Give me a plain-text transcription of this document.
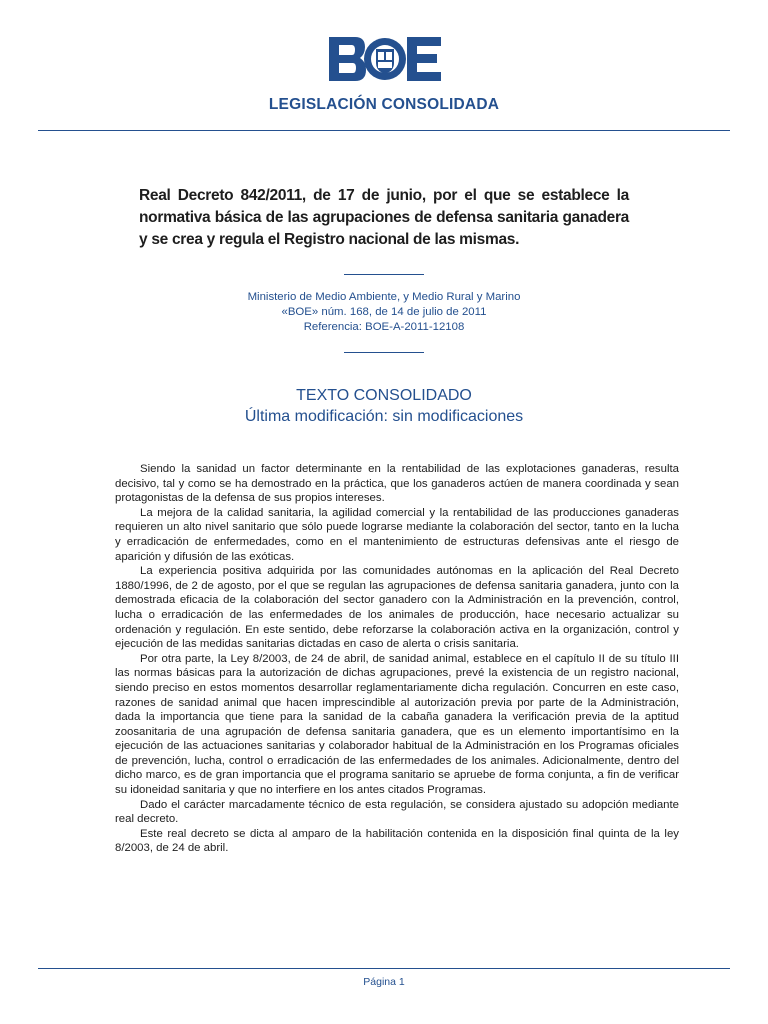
LEGISLACIÓN CONSOLIDADA
Real Decreto 842/2011, de 17 de junio, por el que se establece la normativa básica de las agrupaciones de defensa sanitaria ganadera y se crea y regula el Registro nacional de las mismas.
Ministerio de Medio Ambiente, y Medio Rural y Marino
«BOE» núm. 168, de 14 de julio de 2011
Referencia: BOE-A-2011-12108
TEXTO CONSOLIDADO
Última modificación: sin modificaciones

Siendo la sanidad un factor determinante en la rentabilidad de las explotaciones ganaderas, resulta decisivo, tal y como se ha demostrado en la práctica, que los ganaderos actúen de manera coordinada y sean protagonistas de la defensa de sus propios intereses.

La mejora de la calidad sanitaria, la agilidad comercial y la rentabilidad de las producciones ganaderas requieren un alto nivel sanitario que sólo puede lograrse mediante la colaboración del sector, tanto en la lucha y erradicación de enfermedades, como en el mantenimiento de estructuras defensivas ante el riesgo de aparición y difusión de las exóticas.

La experiencia positiva adquirida por las comunidades autónomas en la aplicación del Real Decreto 1880/1996, de 2 de agosto, por el que se regulan las agrupaciones de defensa sanitaria ganadera, junto con la demostrada eficacia de la colaboración del sector ganadero con la Administración en la prevención, control, lucha o erradicación de las enfermedades de los animales de producción, hace necesario actualizar su ordenación y regulación. En este sentido, debe reforzarse la colaboración activa en la organización, control y ejecución de las medidas sanitarias dictadas en caso de alerta o crisis sanitaria.

Por otra parte, la Ley 8/2003, de 24 de abril, de sanidad animal, establece en el capítulo II de su título III las normas básicas para la autorización de dichas agrupaciones, prevé la existencia de un registro nacional, siendo preciso en estos momentos desarrollar reglamentariamente dicha regulación. Concurren en este caso, razones de sanidad animal que hacen imprescindible al autorización previa por parte de la Administración, dada la importancia que tiene para la sanidad de la cabaña ganadera la verificación previa de la aptitud zoosanitaria de una agrupación de defensa sanitaria ganadera, que es un elemento importantísimo en la ejecución de las actuaciones sanitarias y colaborador habitual de la Administración en los Programas oficiales de prevención, lucha, control o erradicación de las enfermedades de los animales. Adicionalmente, dentro del dicho marco, es de gran importancia que el programa sanitario se apruebe de forma conjunta, a fin de verificar su idoneidad sanitaria y que no interfiere en los antes citados Programas.

Dado el carácter marcadamente técnico de esta regulación, se considera ajustado su adopción mediante real decreto.

Este real decreto se dicta al amparo de la habilitación contenida en la disposición final quinta de la ley 8/2003, de 24 de abril.

Página 1
